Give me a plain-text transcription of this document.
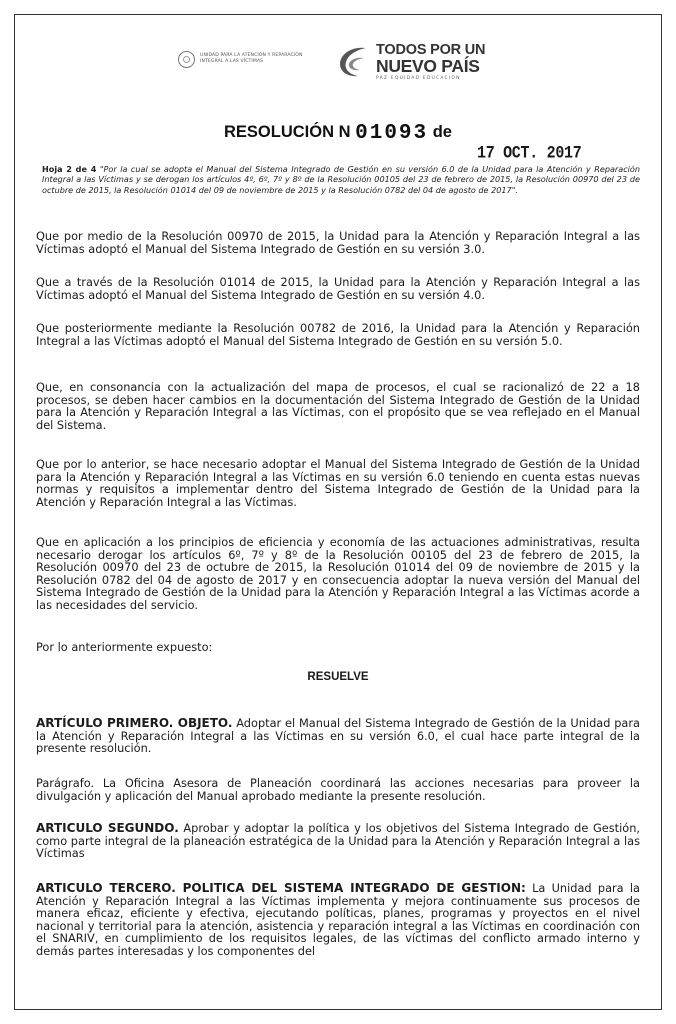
UNIDAD PARA LA ATENCIÓN Y REPARACIÓN INTEGRAL A LAS VÍCTIMAS
TODOS POR UN
NUEVO PAÍS
PAZ EQUIDAD EDUCACIÓN
RESOLUCIÓN N 01093 de
17 OCT. 2017
Hoja 2 de 4 "Por la cual se adopta el Manual del Sistema Integrado de Gestión en su versión 6.0 de la Unidad para la Atención y Reparación Integral a las Víctimas y se derogan los artículos 4º, 6º, 7º y 8º de la Resolución 00105 del 23 de febrero de 2015, la Resolución 00970 del 23 de octubre de 2015, la Resolución 01014 del 09 de noviembre de 2015 y la Resolución 0782 del 04 de agosto de 2017".
Que por medio de la Resolución 00970 de 2015, la Unidad para la Atención y Reparación Integral a las Víctimas adoptó el Manual del Sistema Integrado de Gestión en su versión 3.0.
Que a través de la Resolución 01014 de 2015, la Unidad para la Atención y Reparación Integral a las Víctimas adoptó el Manual del Sistema Integrado de Gestión en su versión 4.0.
Que posteriormente mediante la Resolución 00782 de 2016, la Unidad para la Atención y Reparación Integral a las Víctimas adoptó el Manual del Sistema Integrado de Gestión en su versión 5.0.
Que, en consonancia con la actualización del mapa de procesos, el cual se racionalizó de 22 a 18 procesos, se deben hacer cambios en la documentación del Sistema Integrado de Gestión de la Unidad para la Atención y Reparación Integral a las Víctimas, con el propósito que se vea reflejado en el Manual del Sistema.
Que por lo anterior, se hace necesario adoptar el Manual del Sistema Integrado de Gestión de la Unidad para la Atención y Reparación Integral a las Víctimas en su versión 6.0 teniendo en cuenta estas nuevas normas y requisitos a implementar dentro del Sistema Integrado de Gestión de la Unidad para la Atención y Reparación Integral a las Víctimas.
Que en aplicación a los principios de eficiencia y economía de las actuaciones administrativas, resulta necesario derogar los artículos 6º, 7º y 8º de la Resolución 00105 del 23 de febrero de 2015, la Resolución 00970 del 23 de octubre de 2015, la Resolución 01014 del 09 de noviembre de 2015 y la Resolución 0782 del 04 de agosto de 2017 y en consecuencia adoptar la nueva versión del Manual del Sistema Integrado de Gestión de la Unidad para la Atención y Reparación Integral a las Víctimas acorde a las necesidades del servicio.
Por lo anteriormente expuesto:
RESUELVE
ARTÍCULO PRIMERO. OBJETO. Adoptar el Manual del Sistema Integrado de Gestión de la Unidad para la Atención y Reparación Integral a las Víctimas en su versión 6.0, el cual hace parte integral de la presente resolución.
Parágrafo. La Oficina Asesora de Planeación coordinará las acciones necesarias para proveer la divulgación y aplicación del Manual aprobado mediante la presente resolución.
ARTICULO SEGUNDO. Aprobar y adoptar la política y los objetivos del Sistema Integrado de Gestión, como parte integral de la planeación estratégica de la Unidad para la Atención y Reparación Integral a las Víctimas
ARTICULO TERCERO. POLITICA DEL SISTEMA INTEGRADO DE GESTION: La Unidad para la Atención y Reparación Integral a las Víctimas implementa y mejora continuamente sus procesos de manera eficaz, eficiente y efectiva, ejecutando políticas, planes, programas y proyectos en el nivel nacional y territorial para la atención, asistencia y reparación integral a las Víctimas en coordinación con el SNARIV, en cumplimiento de los requisitos legales, de las víctimas del conflicto armado interno y demás partes interesadas y los componentes del
